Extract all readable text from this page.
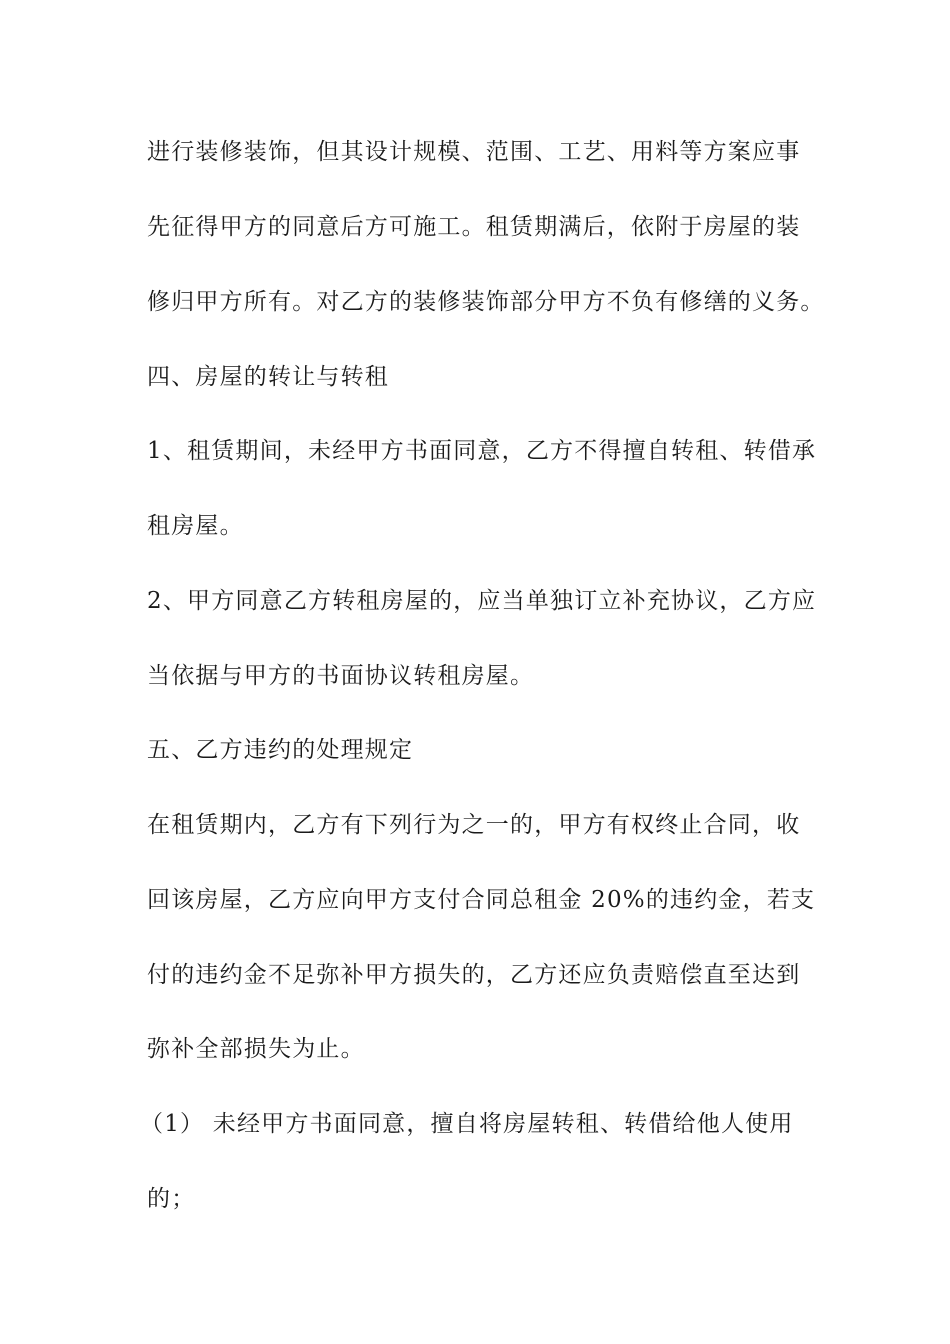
进行装修装饰，但其设计规模、范围、工艺、用料等方案应事
先征得甲方的同意后方可施工。租赁期满后，依附于房屋的装
修归甲方所有。对乙方的装修装饰部分甲方不负有修缮的义务。
四、房屋的转让与转租
1、租赁期间，未经甲方书面同意，乙方不得擅自转租、转借承
租房屋。
2、甲方同意乙方转租房屋的，应当单独订立补充协议，乙方应
当依据与甲方的书面协议转租房屋。
五、乙方违约的处理规定
在租赁期内，乙方有下列行为之一的，甲方有权终止合同，收
回该房屋，乙方应向甲方支付合同总租金 20%的违约金，若支
付的违约金不足弥补甲方损失的，乙方还应负责赔偿直至达到
弥补全部损失为止。
（1） 未经甲方书面同意，擅自将房屋转租、转借给他人使用
的；
